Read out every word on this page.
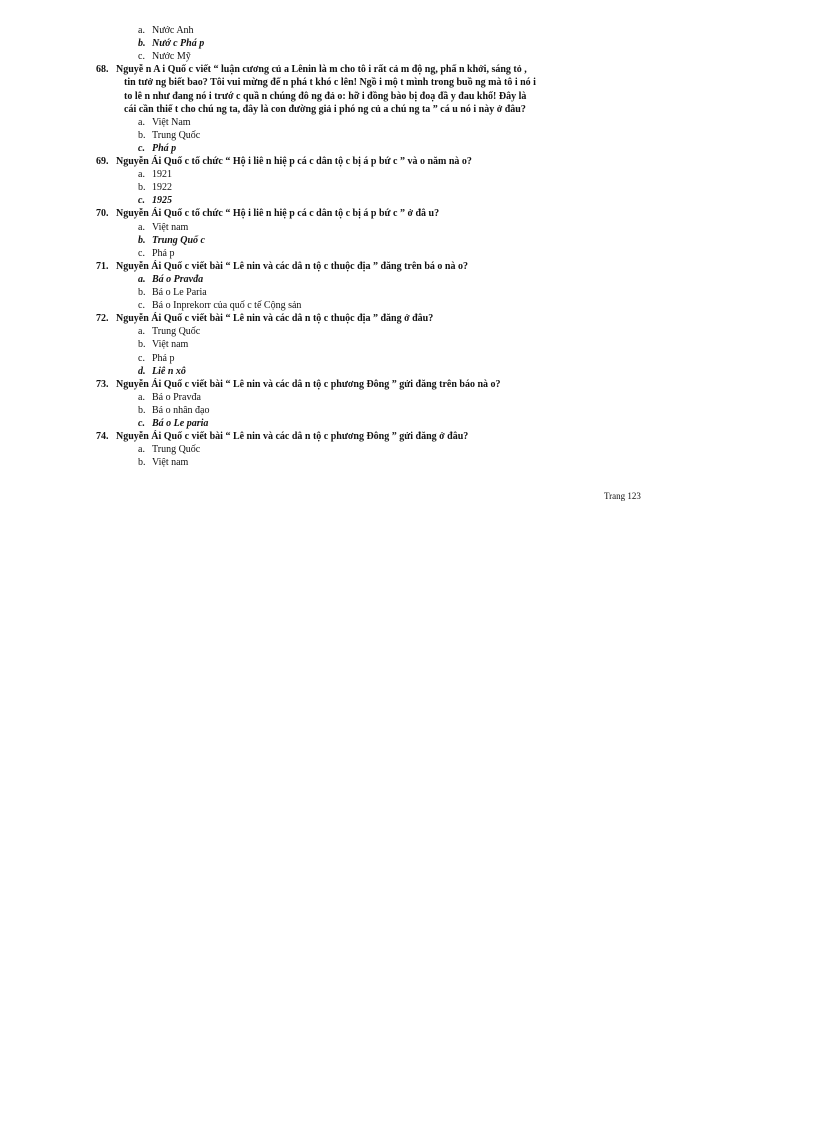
a. Nước Anh
b. Nướ c Phá p
c. Nước Mỹ
68. Nguyễ n A i Quố c viết “ luận cương củ a Lênin là m cho tô i rất cả m độ ng, phấ n khởi, sáng tỏ ,
tin tưở ng biết bao? Tôi vui mừng đế n phá t khó c lên! Ngồ i mộ t mình trong buồ ng mà tô i nó i
to lê n như đang nó i trướ c quầ n chúng đô ng đả o: hỡ i đồng bào bị đoạ đầ y đau khổ! Đây là
cái cần thiế t cho chú ng ta, đây là con đường giả i phó ng củ a chú ng ta ” cá u nó i này ở đâu?
a. Việt Nam
b. Trung Quốc
c. Phá p
69. Nguyễn Ái Quố c tổ chức “ Hộ i liê n hiệ p cá c dân tộ c bị á p bứ c ” và o năm nà o?
a. 1921
b. 1922
c. 1925
70. Nguyễn Ái Quố c tổ chức “ Hộ i liê n hiệ p cá c dân tộ c bị á p bứ c ” ở đâ u?
a. Việt nam
b. Trung Quố c
c. Phá p
71. Nguyễn Ái Quố c viết bài “ Lê nin và các dâ n tộ c thuộc địa ” đăng trên bá o nà o?
a. Bá o Pravđa
b. Bá o Le Paria
c. Bá o Inprekorr của quố c tế Cộng sản
72. Nguyễn Ái Quố c viết bài “ Lê nin và các dâ n tộ c thuộc địa ” đăng ở đâu?
a. Trung Quốc
b. Việt nam
c. Phá p
d. Liê n xô
73. Nguyễn Ái Quố c viết bài “ Lê nin và các dâ n tộ c phương Đông ” gửi đăng trên báo nà o?
a. Bá o Pravđa
b. Bá o nhân đạo
c. Bá o Le paria
74. Nguyễn Ái Quố c viết bài “ Lê nin và các dâ n tộ c phương Đông ” gửi đăng ở đâu?
a. Trung Quốc
b. Việt nam
Trang 123
